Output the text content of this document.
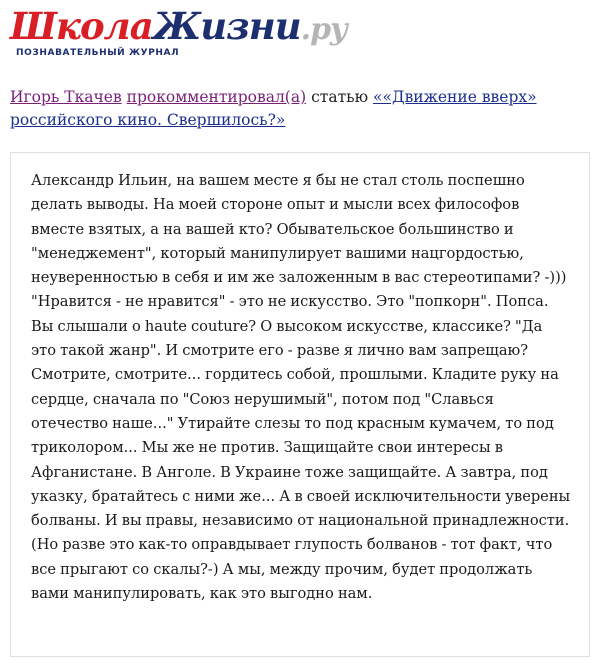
ШколаЖизни.ру
ПОЗНАВАТЕЛЬНЫЙ ЖУРНАЛ
Игорь Ткачев прокомментировал(а) статью ««Движение вверх» российского кино. Свершилось?»

Александр Ильин, на вашем месте я бы не стал столь поспешно делать выводы. На моей стороне опыт и мысли всех философов вместе взятых, а на вашей кто? Обывательское большинство и "менеджемент", который манипулирует вашими нацгордостью, неуверенностью в себя и им же заложенным в вас стереотипами? -))) "Нравится - не нравится" - это не искусство. Это "попкорн". Попса. Вы слышали о haute couture? О высоком искусстве, классике? "Да это такой жанр". И смотрите его - разве я лично вам запрещаю? Смотрите, смотрите... гордитесь собой, прошлыми. Кладите руку на сердце, сначала по "Союз нерушимый", потом под "Славься отечество наше..." Утирайте слезы то под красным кумачем, то под триколором... Мы же не против. Защищайте свои интересы в Афганистане. В Анголе. В Украине тоже защищайте. А завтра, под указку, братайтесь с ними же... А в своей исключительности уверены болваны. И вы правы, независимо от национальной принадлежности. (Но разве это как-то оправдывает глупость болванов - тот факт, что все прыгают со скалы?-) А мы, между прочим, будет продолжать вами манипулировать, как это выгодно нам.
